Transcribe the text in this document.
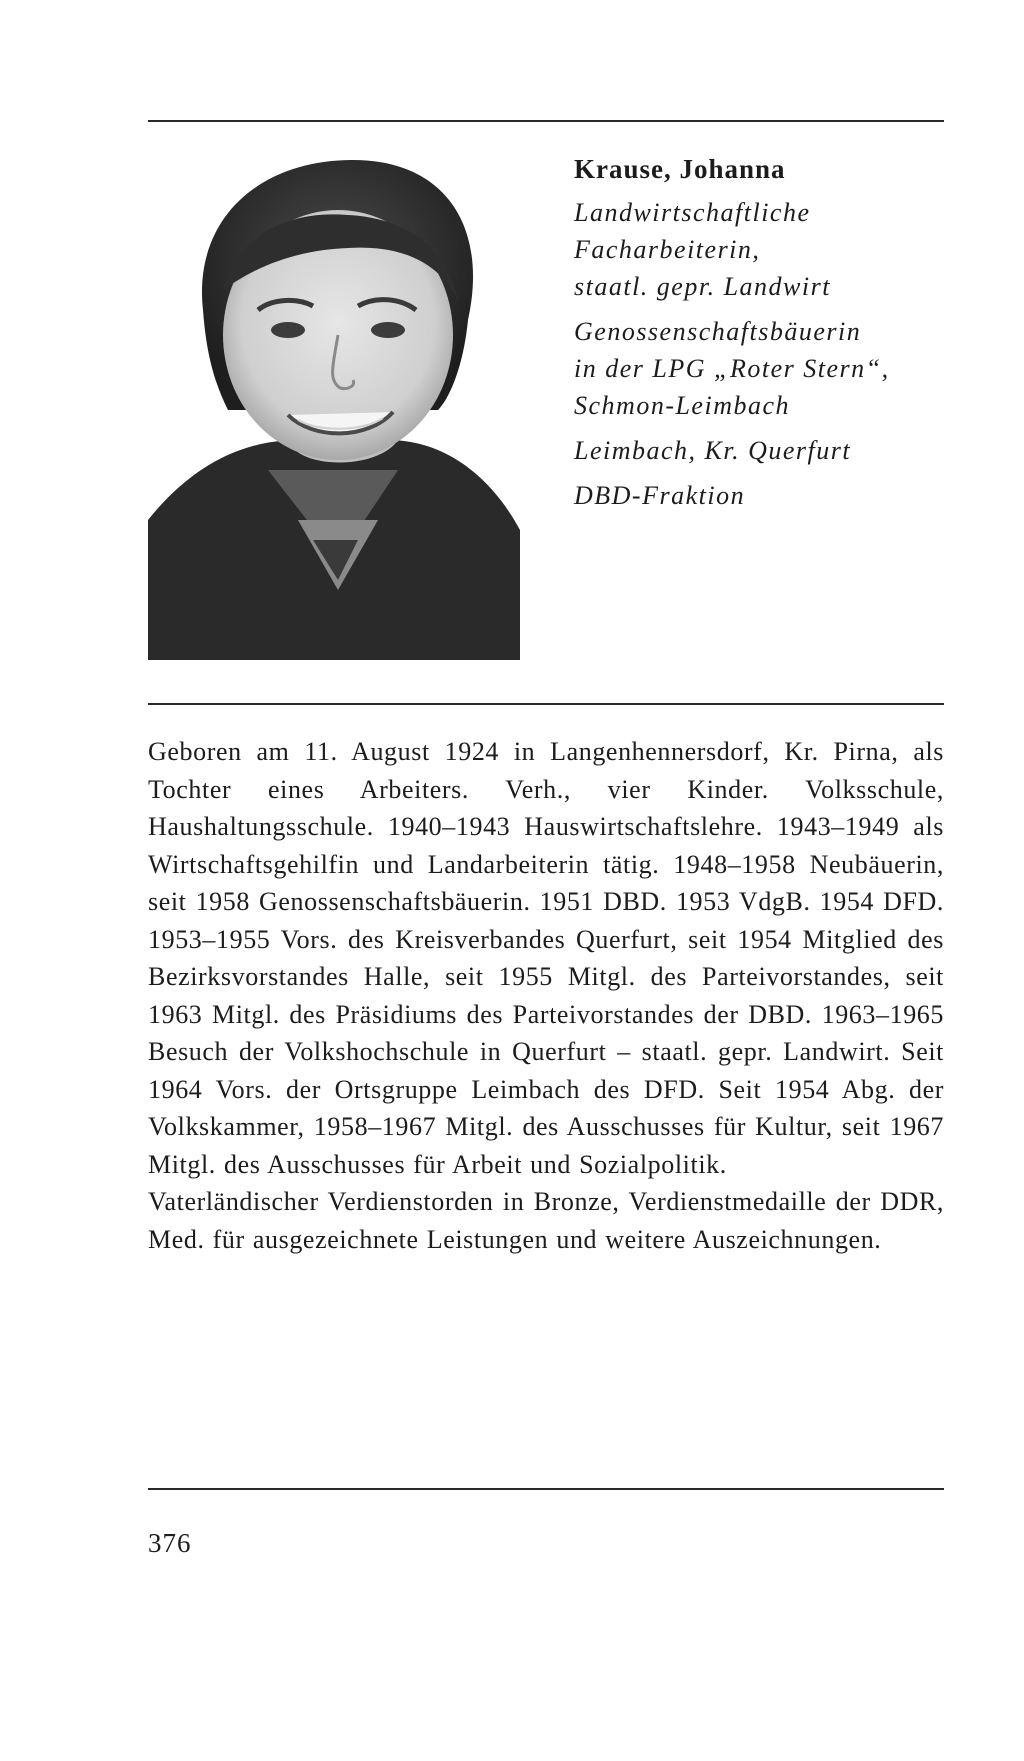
Krause, Johanna

Landwirtschaftliche

Facharbeiterin,

staatl. gepr. Landwirt

Genossenschaftsbäuerin

in der LPG „Roter Stern“,

Schmon-Leimbach

Leimbach, Kr. Querfurt

DBD-Fraktion

Geboren am 11. August 1924 in Langenhennersdorf, Kr. Pirna, als Tochter eines Arbeiters. Verh., vier Kinder. Volksschule, Haushaltungsschule. 1940–1943 Hauswirtschaftslehre. 1943–1949 als Wirtschaftsgehilfin und Landarbeiterin tätig. 1948–1958 Neubäuerin, seit 1958 Genossenschaftsbäuerin. 1951 DBD. 1953 VdgB. 1954 DFD. 1953–1955 Vors. des Kreisverbandes Querfurt, seit 1954 Mitglied des Bezirksvorstandes Halle, seit 1955 Mitgl. des Parteivorstandes, seit 1963 Mitgl. des Präsidiums des Parteivorstandes der DBD. 1963–1965 Besuch der Volkshochschule in Querfurt – staatl. gepr. Landwirt. Seit 1964 Vors. der Ortsgruppe Leimbach des DFD. Seit 1954 Abg. der Volkskammer, 1958–1967 Mitgl. des Ausschusses für Kultur, seit 1967 Mitgl. des Ausschusses für Arbeit und Sozialpolitik.

Vaterländischer Verdienstorden in Bronze, Verdienstmedaille der DDR, Med. für ausgezeichnete Leistungen und weitere Auszeichnungen.

376
